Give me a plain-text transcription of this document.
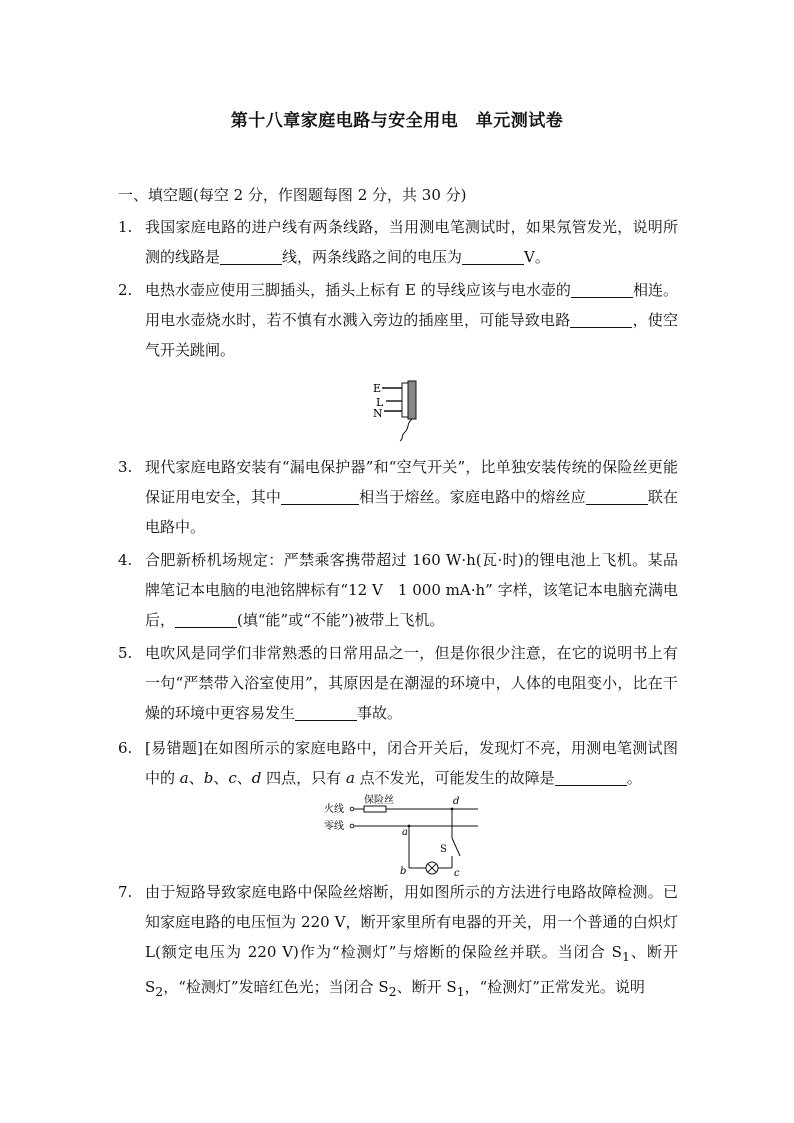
第十八章家庭电路与安全用电　单元测试卷
一、填空题(每空 2 分，作图题每图 2 分，共 30 分)
1. 我国家庭电路的进户线有两条线路，当用测电笔测试时，如果氖管发光，说明所测的线路是	线，两条线路之间的电压为	V。
2. 电热水壶应使用三脚插头，插头上标有 E 的导线应该与电水壶的	相连。用电水壶烧水时，若不慎有水溅入旁边的插座里，可能导致电路	，使空气开关跳闸。
E
L
N
3. 现代家庭电路安装有“漏电保护器”和“空气开关”，比单独安装传统的保险丝更能保证用电安全，其中	相当于熔丝。家庭电路中的熔丝应	联在电路中。
4. 合肥新桥机场规定：严禁乘客携带超过 160 W·h(瓦·时)的锂电池上飞机。某品牌笔记本电脑的电池铭牌标有“12 V　1 000 mA·h” 字样，该笔记本电脑充满电后，	(填“能”或“不能”)被带上飞机。
5. 电吹风是同学们非常熟悉的日常用品之一，但是你很少注意，在它的说明书上有一句“严禁带入浴室使用”，其原因是在潮湿的环境中，人体的电阻变小，比在干燥的环境中更容易发生	事故。
6. [易错题]在如图所示的家庭电路中，闭合开关后，发现灯不亮，用测电笔测试图中的 a、b、c、d 四点，只有 a 点不发光，可能发生的故障是	。
火线
零线
保险丝
S
a
b	c
d
7. 由于短路导致家庭电路中保险丝熔断，用如图所示的方法进行电路故障检测。已知家庭电路的电压恒为 220 V，断开家里所有电器的开关，用一个普通的白炽灯 L(额定电压为 220 V)作为“检测灯”与熔断的保险丝并联。当闭合 $S_1$、断开 $S_2$，“检测灯”发暗红色光；当闭合 $S_2$、断开 $S_1$，“检测灯”正常发光。说明
